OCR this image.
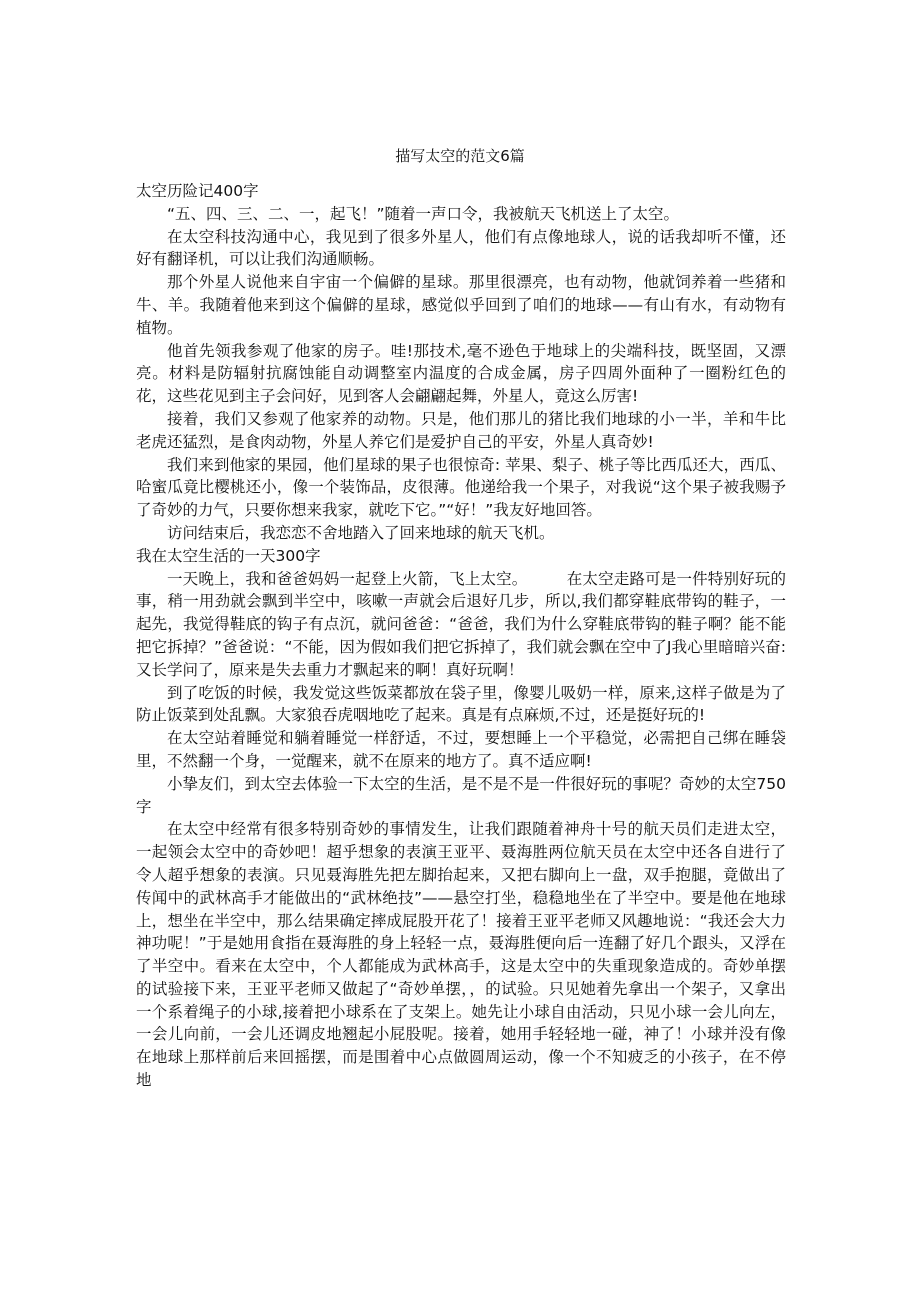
描写太空的范文6篇
太空历险记400字

“五、四、三、二、一，起飞！”随着一声口令，我被航天飞机送上了太空。

在太空科技沟通中心，我见到了很多外星人，他们有点像地球人，说的话我却听不懂，还好有翻译机，可以让我们沟通顺畅。

那个外星人说他来自宇宙一个偏僻的星球。那里很漂亮，也有动物，他就饲养着一些猪和牛、羊。我随着他来到这个偏僻的星球，感觉似乎回到了咱们的地球——有山有水，有动物有植物。

他首先领我参观了他家的房子。哇!那技术,毫不逊色于地球上的尖端科技，既坚固，又漂亮。材料是防辐射抗腐蚀能自动调整室内温度的合成金属，房子四周外面种了一圈粉红色的花，这些花见到主子会问好，见到客人会翩翩起舞，外星人，竟这么厉害!

接着，我们又参观了他家养的动物。只是，他们那儿的猪比我们地球的小一半，羊和牛比老虎还猛烈，是食肉动物，外星人养它们是爱护自己的平安，外星人真奇妙!

我们来到他家的果园，他们星球的果子也很惊奇: 苹果、梨子、桃子等比西瓜还大，西瓜、哈蜜瓜竟比樱桃还小，像一个装饰品，皮很薄。他递给我一个果子，对我说“这个果子被我赐予了奇妙的力气，只要你想来我家，就吃下它。”“好！”我友好地回答。

访问结束后，我恋恋不舍地踏入了回来地球的航天飞机。

我在太空生活的一天300字

一天晚上，我和爸爸妈妈一起登上火箭，飞上太空。　　　在太空走路可是一件特别好玩的事，稍一用劲就会飘到半空中，咳嗽一声就会后退好几步，所以,我们都穿鞋底带钩的鞋子，一起先，我觉得鞋底的钩子有点沉，就问爸爸：“爸爸，我们为什么穿鞋底带钩的鞋子啊？能不能把它拆掉？”爸爸说：“不能，因为假如我们把它拆掉了，我们就会飘在空中了J我心里暗暗兴奋:又长学问了，原来是失去重力才飘起来的啊！真好玩啊！

到了吃饭的时候，我发觉这些饭菜都放在袋子里，像婴儿吸奶一样，原来,这样子做是为了防止饭菜到处乱飘。大家狼吞虎咽地吃了起来。真是有点麻烦,不过，还是挺好玩的!

在太空站着睡觉和躺着睡觉一样舒适，不过，要想睡上一个平稳觉，必需把自己绑在睡袋里，不然翻一个身，一觉醒来，就不在原来的地方了。真不适应啊!

小挚友们，到太空去体验一下太空的生活，是不是不是一件很好玩的事呢？奇妙的太空750字

在太空中经常有很多特别奇妙的事情发生，让我们跟随着神舟十号的航天员们走进太空，一起领会太空中的奇妙吧！超乎想象的表演王亚平、聂海胜两位航天员在太空中还各自进行了令人超乎想象的表演。只见聂海胜先把左脚抬起来，又把右脚向上一盘，双手抱腿，竟做出了传闻中的武林高手才能做出的“武林绝技”——悬空打坐，稳稳地坐在了半空中。要是他在地球上，想坐在半空中，那么结果确定摔成屁股开花了！接着王亚平老师又风趣地说：“我还会大力神功呢！”于是她用食指在聂海胜的身上轻轻一点，聂海胜便向后一连翻了好几个跟头，又浮在了半空中。看来在太空中，个人都能成为武林高手，这是太空中的失重现象造成的。奇妙单摆的试验接下来，王亚平老师又做起了“奇妙单摆，，的试验。只见她着先拿出一个架子，又拿出一个系着绳子的小球,接着把小球系在了支架上。她先让小球自由活动，只见小球一会儿向左，一会儿向前，一会儿还调皮地翘起小屁股呢。接着，她用手轻轻地一碰，神了！小球并没有像在地球上那样前后来回摇摆，而是围着中心点做圆周运动，像一个不知疲乏的小孩子，在不停地
